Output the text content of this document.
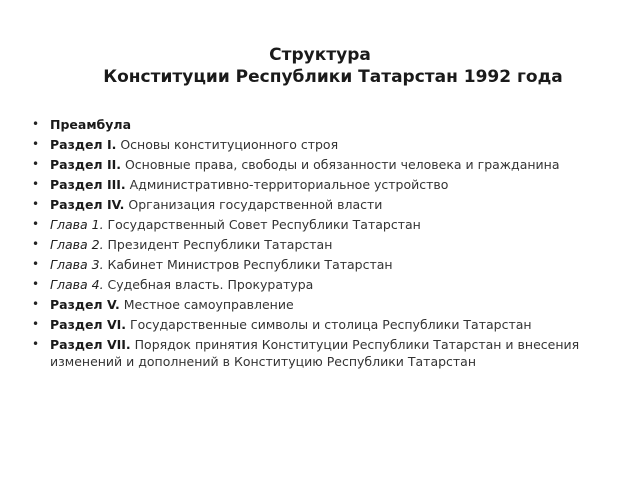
Структура
Конституции Республики Татарстан 1992 года
• Преамбула
• Раздел I. Основы конституционного строя
• Раздел II. Основные права, свободы и обязанности человека и гражданина
• Раздел III. Административно-территориальное устройство
• Раздел IV. Организация государственной власти
• Глава 1. Государственный Совет Республики Татарстан
• Глава 2. Президент Республики Татарстан
• Глава 3. Кабинет Министров Республики Татарстан
• Глава 4. Судебная власть. Прокуратура
• Раздел V. Местное самоуправление
• Раздел VI. Государственные символы и столица Республики Татарстан
• Раздел VII. Порядок принятия Конституции Республики Татарстан и внесения изменений и дополнений в Конституцию Республики Татарстан
